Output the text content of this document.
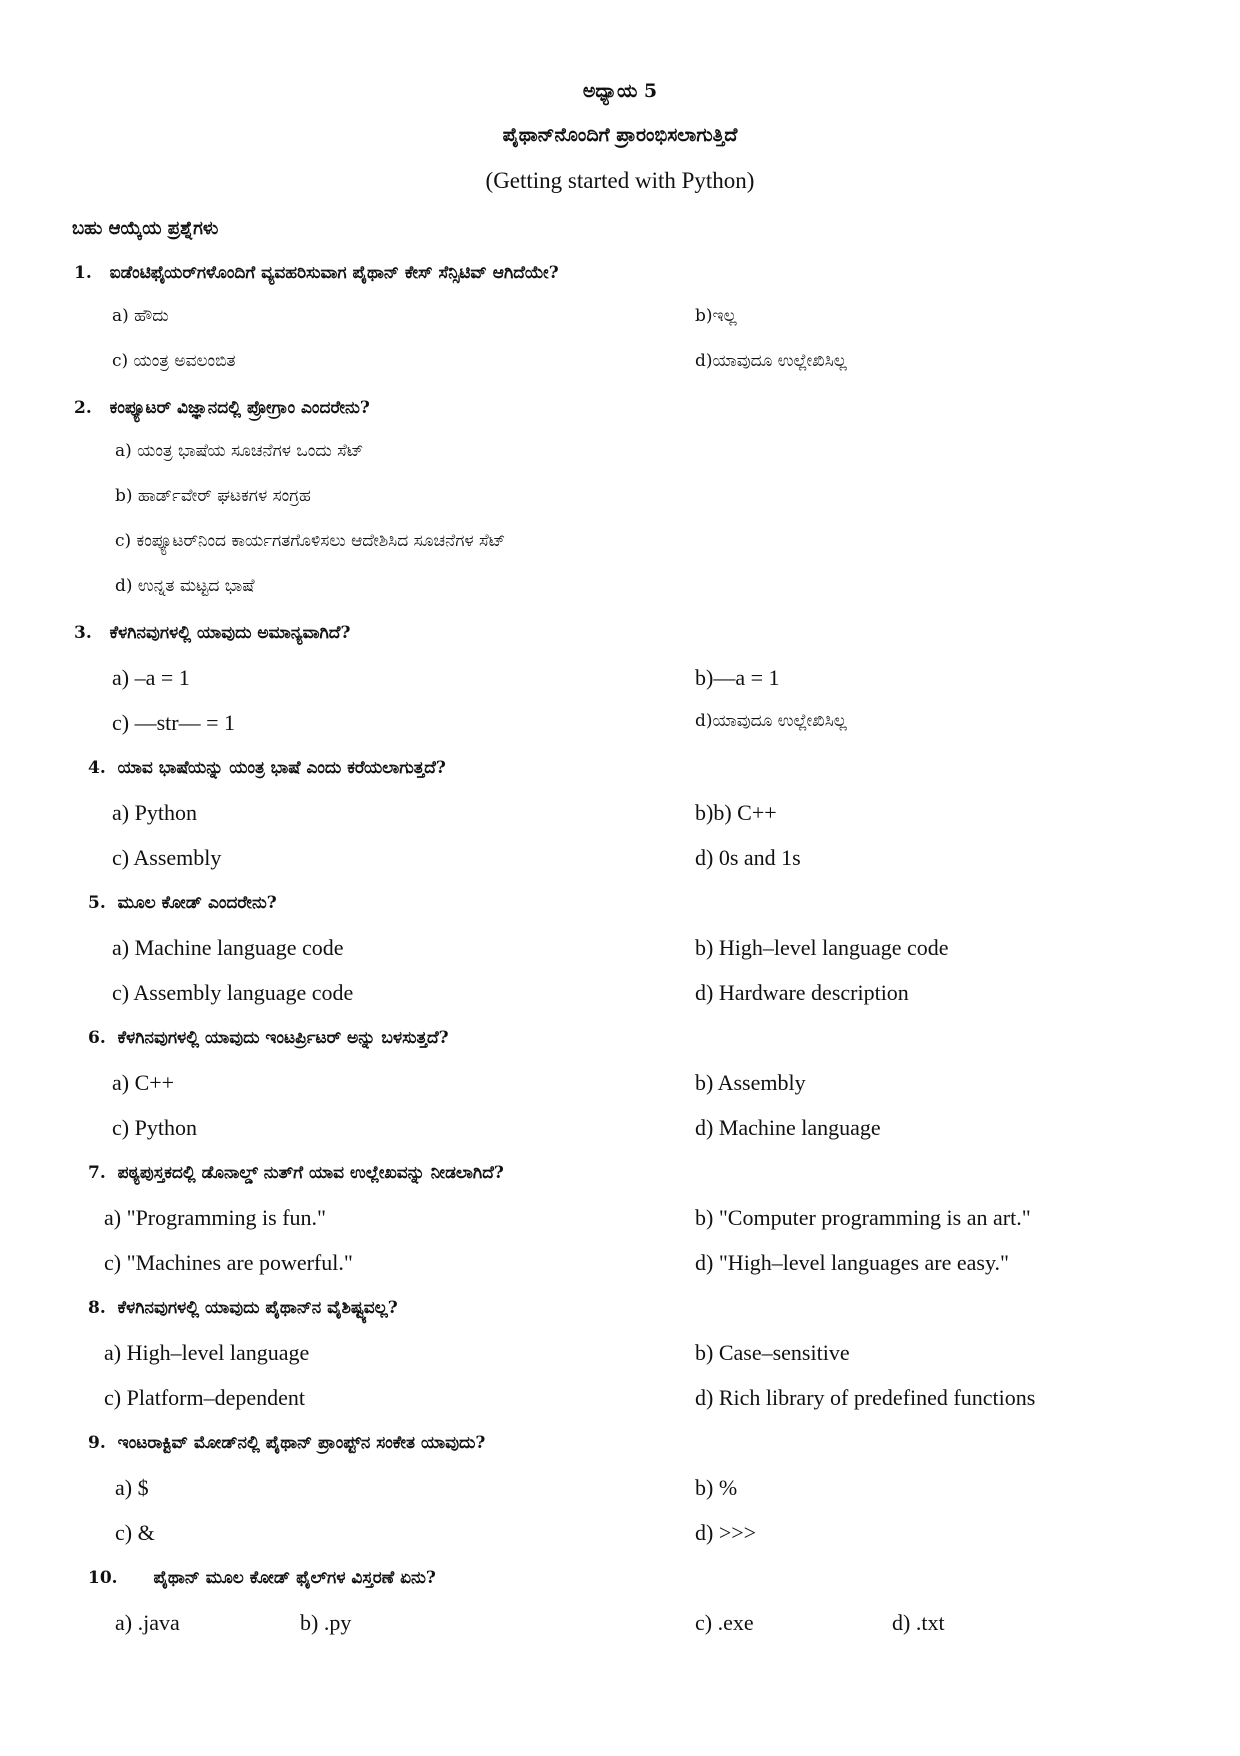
ಅಧ್ಯಾಯ 5
ಪೈಥಾನ್‌ನೊಂದಿಗೆ ಪ್ರಾರಂಭಿಸಲಾಗುತ್ತಿದೆ
(Getting started with Python)
ಬಹು ಆಯ್ಕೆಯ ಪ್ರಶ್ನೆಗಳು
1. ಐಡೆಂಟಿಫೈಯರ್‌ಗಳೊಂದಿಗೆ ವ್ಯವಹರಿಸುವಾಗ ಪೈಥಾನ್ ಕೇಸ್ ಸೆನ್ಸಿಟಿವ್ ಆಗಿದೆಯೇ?
a) ಹೌದು	b)ಇಲ್ಲ
c) ಯಂತ್ರ ಅವಲಂಬಿತ	d)ಯಾವುದೂ ಉಲ್ಲೇಖಿಸಿಲ್ಲ
2. ಕಂಪ್ಯೂಟರ್ ವಿಜ್ಞಾನದಲ್ಲಿ ಪ್ರೋಗ್ರಾಂ ಎಂದರೇನು?
a) ಯಂತ್ರ ಭಾಷೆಯ ಸೂಚನೆಗಳ ಒಂದು ಸೆಟ್
b) ಹಾರ್ಡ್‌ವೇರ್ ಘಟಕಗಳ ಸಂಗ್ರಹ
c) ಕಂಪ್ಯೂಟರ್‌ನಿಂದ ಕಾರ್ಯಗತಗೊಳಿಸಲು ಆದೇಶಿಸಿದ ಸೂಚನೆಗಳ ಸೆಟ್
d) ಉನ್ನತ ಮಟ್ಟದ ಭಾಷೆ
3. ಕೆಳಗಿನವುಗಳಲ್ಲಿ ಯಾವುದು ಅಮಾನ್ಯವಾಗಿದೆ?
a) –a = 1	b)––a = 1
c) ––str–– = 1	d)ಯಾವುದೂ ಉಲ್ಲೇಖಿಸಿಲ್ಲ
4. ಯಾವ ಭಾಷೆಯನ್ನು ಯಂತ್ರ ಭಾಷೆ ಎಂದು ಕರೆಯಲಾಗುತ್ತದೆ?
a) Python	b)b) C++
c) Assembly	d) 0s and 1s
5. ಮೂಲ ಕೋಡ್ ಎಂದರೇನು?
a) Machine language code	b) High–level language code
c) Assembly language code	d) Hardware description
6. ಕೆಳಗಿನವುಗಳಲ್ಲಿ ಯಾವುದು ಇಂಟರ್ಪ್ರಿಟರ್ ಅನ್ನು ಬಳಸುತ್ತದೆ?
a) C++	b) Assembly
c) Python	d) Machine language
7. ಪಠ್ಯಪುಸ್ತಕದಲ್ಲಿ ಡೊನಾಲ್ಡ್ ನುತ್‌ಗೆ ಯಾವ ಉಲ್ಲೇಖವನ್ನು ನೀಡಲಾಗಿದೆ?
a) "Programming is fun."	b) "Computer programming is an art."
c) "Machines are powerful."	d) "High–level languages are easy."
8. ಕೆಳಗಿನವುಗಳಲ್ಲಿ ಯಾವುದು ಪೈಥಾನ್‌ನ ವೈಶಿಷ್ಟ್ಯವಲ್ಲ?
a) High–level language	b) Case–sensitive
c) Platform–dependent	d) Rich library of predefined functions
9. ಇಂಟರಾಕ್ಟಿವ್ ಮೋಡ್‌ನಲ್ಲಿ ಪೈಥಾನ್ ಪ್ರಾಂಪ್ಟ್‌ನ ಸಂಕೇತ ಯಾವುದು?
a) $	b) %
c) &	d) >>>
10. ಪೈಥಾನ್ ಮೂಲ ಕೋಡ್ ಫೈಲ್‌ಗಳ ವಿಸ್ತರಣೆ ಏನು?
a) .java	b) .py	c) .exe	d) .txt
